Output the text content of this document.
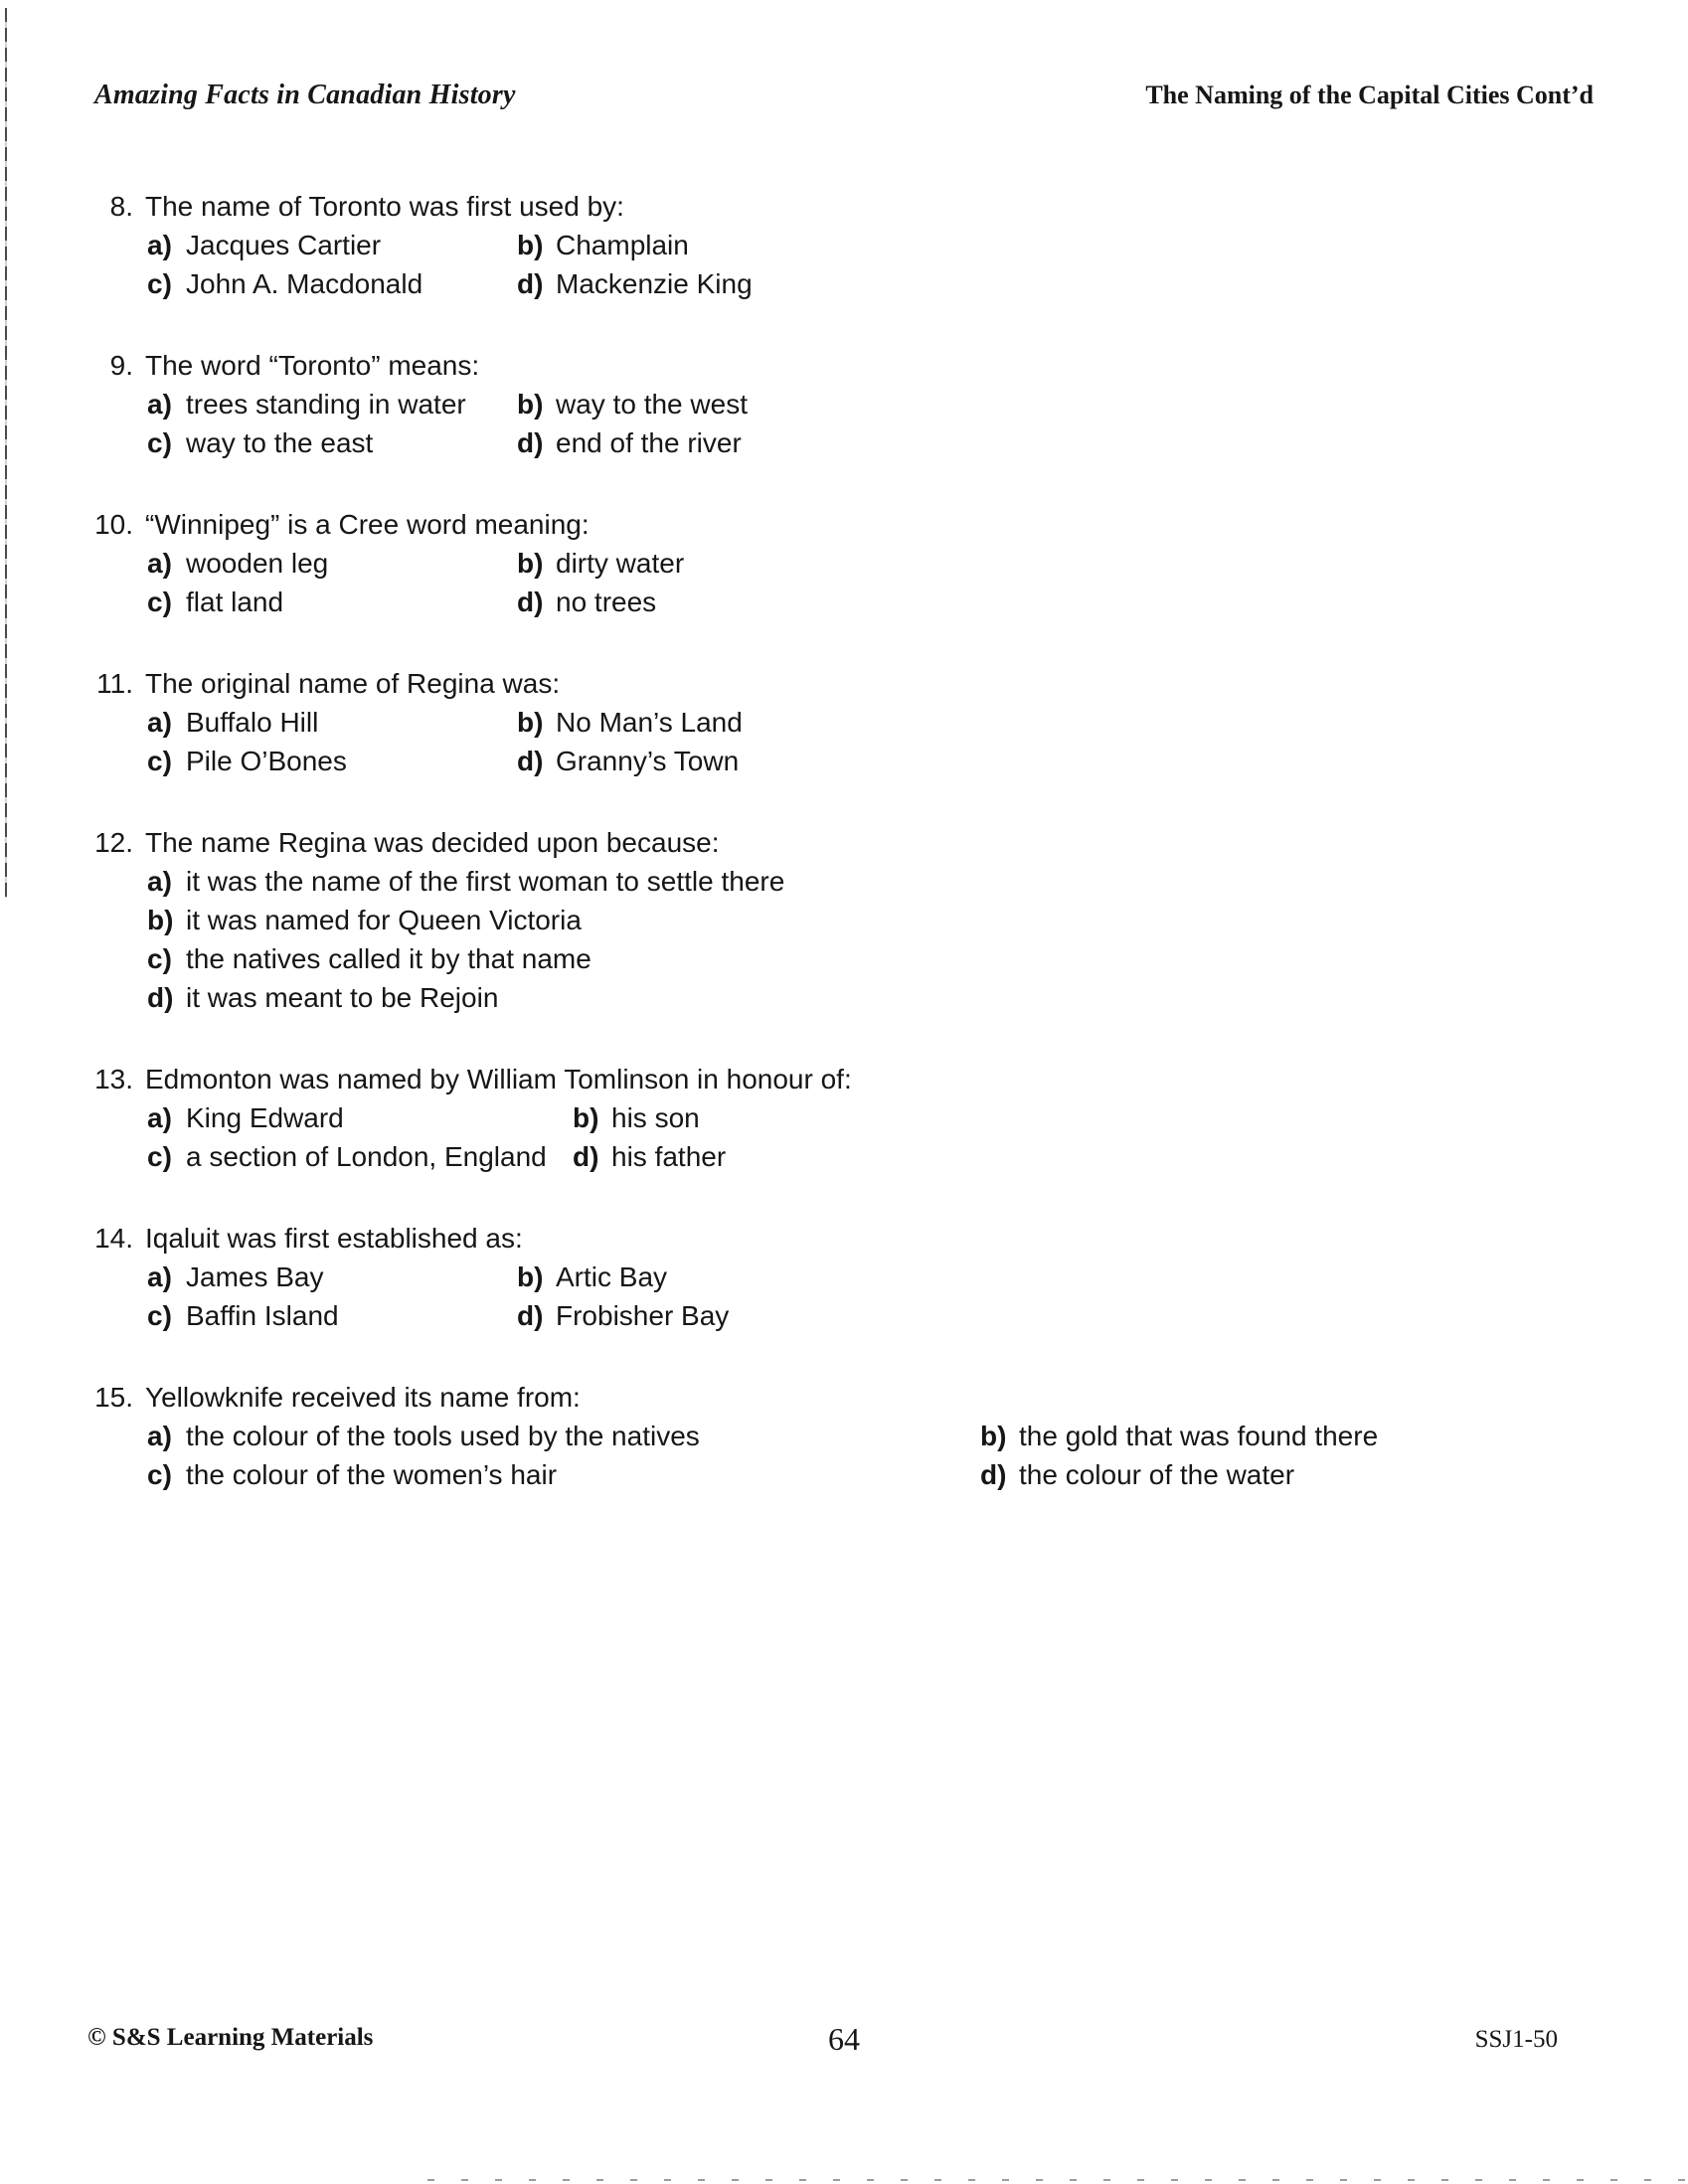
Amazing Facts in Canadian History	The Naming of the Capital Cities Cont’d
8. The name of Toronto was first used by:
a) Jacques Cartier	b) Champlain
c) John A. Macdonald	d) Mackenzie King
9. The word “Toronto” means:
a) trees standing in water b) way to the west
c) way to the east	d) end of the river
10. “Winnipeg” is a Cree word meaning:
a) wooden leg	b) dirty water
c) flat land	d) no trees
11. The original name of Regina was:
a) Buffalo Hill	b) No Man’s Land
c) Pile O’Bones	d) Granny’s Town
12. The name Regina was decided upon because:
a) it was the name of the first woman to settle there
b) it was named for Queen Victoria
c) the natives called it by that name
d) it was meant to be Rejoin
13. Edmonton was named by William Tomlinson in honour of:
a) King Edward	b) his son
c) a section of London, England d) his father
14. Iqaluit was first established as:
a) James Bay	b) Artic Bay
c) Baffin Island	d) Frobisher Bay
15. Yellowknife received its name from:
a) the colour of the tools used by the natives	b) the gold that was found there
c) the colour of the women’s hair	d) the colour of the water
© S&S Learning Materials	64	SSJ1-50
